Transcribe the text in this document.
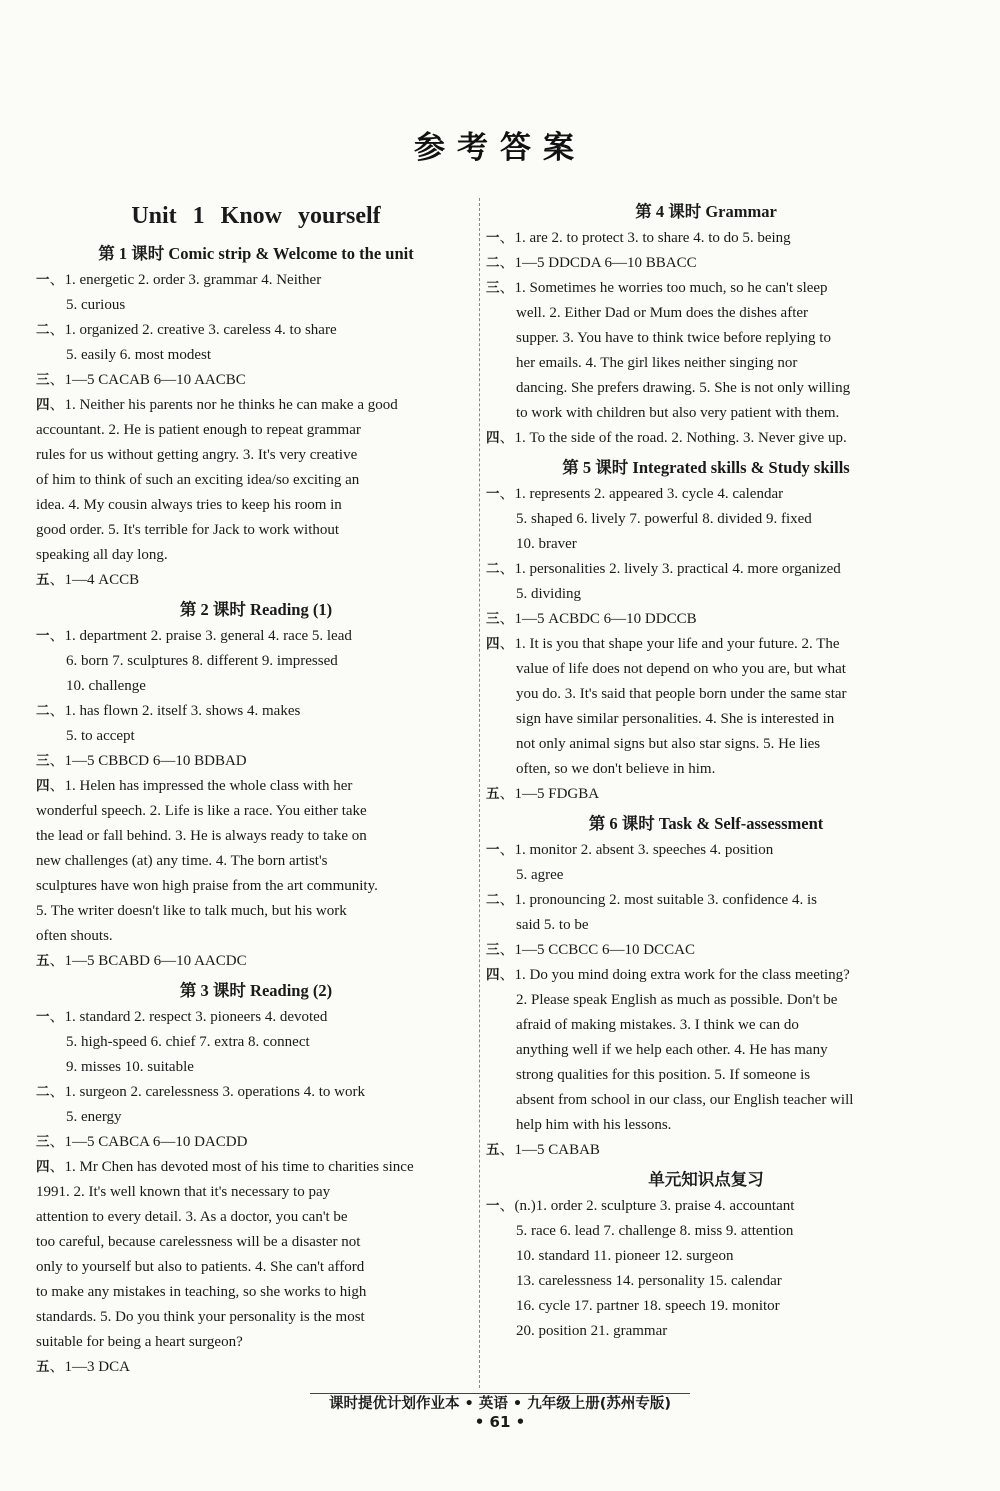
参考答案
Unit 1 Know yourself
第 1 课时 Comic strip & Welcome to the unit
一、1. energetic 2. order 3. grammar 4. Neither
5. curious
二、1. organized 2. creative 3. careless 4. to share
5. easily 6. most modest
三、1—5 CACAB 6—10 AACBC
四、1. Neither his parents nor he thinks he can make a good
accountant. 2. He is patient enough to repeat grammar
rules for us without getting angry. 3. It's very creative
of him to think of such an exciting idea/so exciting an
idea. 4. My cousin always tries to keep his room in
good order. 5. It's terrible for Jack to work without
speaking all day long.
五、1—4 ACCB
第 2 课时 Reading (1)
一、1. department 2. praise 3. general 4. race 5. lead
6. born 7. sculptures 8. different 9. impressed
10. challenge
二、1. has flown 2. itself 3. shows 4. makes
5. to accept
三、1—5 CBBCD 6—10 BDBAD
四、1. Helen has impressed the whole class with her
wonderful speech. 2. Life is like a race. You either take
the lead or fall behind. 3. He is always ready to take on
new challenges (at) any time. 4. The born artist's
sculptures have won high praise from the art community.
5. The writer doesn't like to talk much, but his work
often shouts.
五、1—5 BCABD 6—10 AACDC
第 3 课时 Reading (2)
一、1. standard 2. respect 3. pioneers 4. devoted
5. high-speed 6. chief 7. extra 8. connect
9. misses 10. suitable
二、1. surgeon 2. carelessness 3. operations 4. to work
5. energy
三、1—5 CABCA 6—10 DACDD
四、1. Mr Chen has devoted most of his time to charities since
1991. 2. It's well known that it's necessary to pay
attention to every detail. 3. As a doctor, you can't be
too careful, because carelessness will be a disaster not
only to yourself but also to patients. 4. She can't afford
to make any mistakes in teaching, so she works to high
standards. 5. Do you think your personality is the most
suitable for being a heart surgeon?
五、1—3 DCA
第 4 课时 Grammar
一、1. are 2. to protect 3. to share 4. to do 5. being
二、1—5 DDCDA 6—10 BBACC
三、1. Sometimes he worries too much, so he can't sleep
well. 2. Either Dad or Mum does the dishes after
supper. 3. You have to think twice before replying to
her emails. 4. The girl likes neither singing nor
dancing. She prefers drawing. 5. She is not only willing
to work with children but also very patient with them.
四、1. To the side of the road. 2. Nothing. 3. Never give up.
第 5 课时 Integrated skills & Study skills
一、1. represents 2. appeared 3. cycle 4. calendar
5. shaped 6. lively 7. powerful 8. divided 9. fixed
10. braver
二、1. personalities 2. lively 3. practical 4. more organized
5. dividing
三、1—5 ACBDC 6—10 DDCCB
四、1. It is you that shape your life and your future. 2. The
value of life does not depend on who you are, but what
you do. 3. It's said that people born under the same star
sign have similar personalities. 4. She is interested in
not only animal signs but also star signs. 5. He lies
often, so we don't believe in him.
五、1—5 FDGBA
第 6 课时 Task & Self-assessment
一、1. monitor 2. absent 3. speeches 4. position
5. agree
二、1. pronouncing 2. most suitable 3. confidence 4. is
said 5. to be
三、1—5 CCBCC 6—10 DCCAC
四、1. Do you mind doing extra work for the class meeting?
2. Please speak English as much as possible. Don't be
afraid of making mistakes. 3. I think we can do
anything well if we help each other. 4. He has many
strong qualities for this position. 5. If someone is
absent from school in our class, our English teacher will
help him with his lessons.
五、1—5 CABAB
单元知识点复习
一、(n.)1. order 2. sculpture 3. praise 4. accountant
5. race 6. lead 7. challenge 8. miss 9. attention
10. standard 11. pioneer 12. surgeon
13. carelessness 14. personality 15. calendar
16. cycle 17. partner 18. speech 19. monitor
20. position 21. grammar
课时提优计划作业本 • 英语 • 九年级上册(苏州专版)
• 61 •
